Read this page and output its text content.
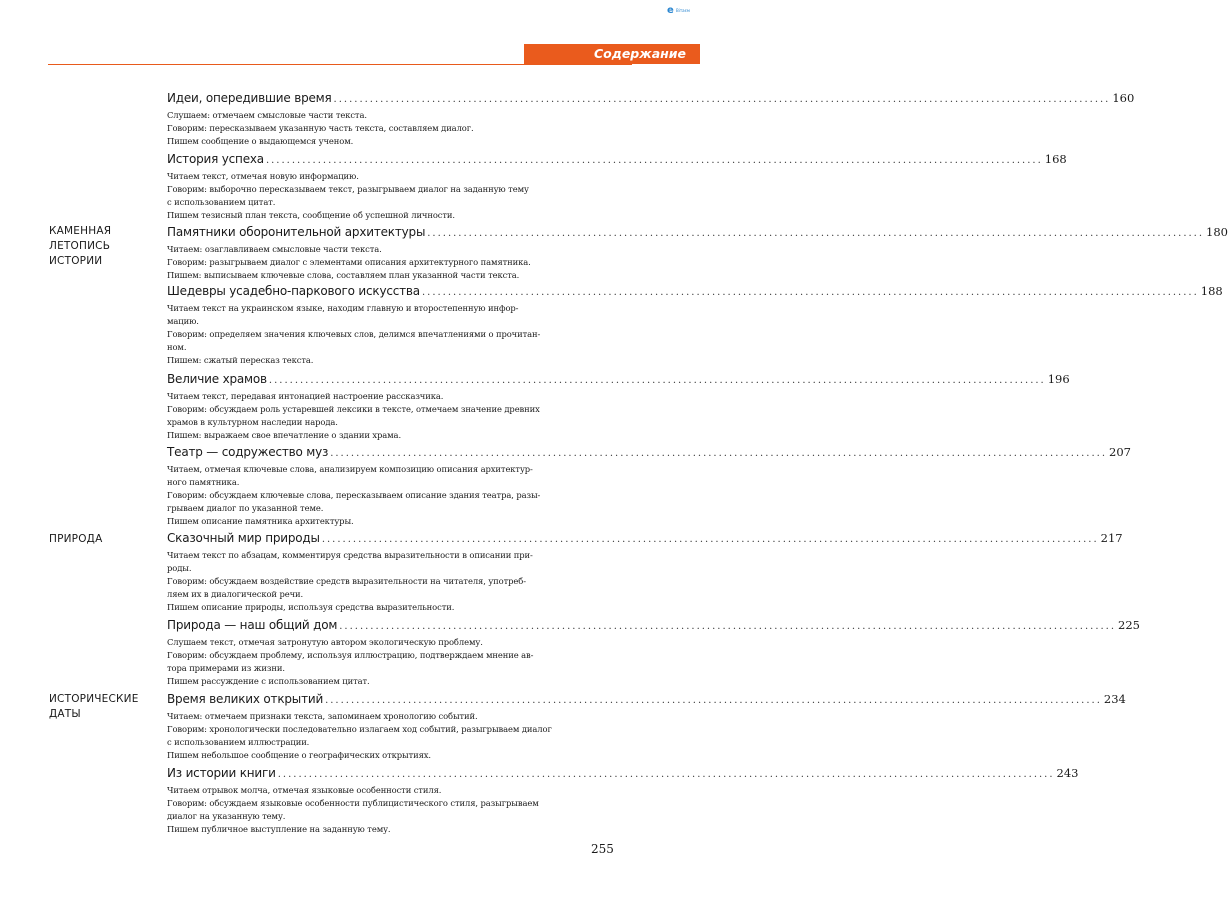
e Вітаєм
Содержание
КАМЕННАЯ
ЛЕТОПИСЬ
ИСТОРИИ
ПРИРОДА
ИСТОРИЧЕСКИЕ
ДАТЫ
Идеи, опередившие время ...................................................................................................................................................... 160
Слушаем: отмечаем смысловые части текста.
Говорим: пересказываем указанную часть текста, составляем диалог.
Пишем сообщение о выдающемся ученом.
История успеха ...................................................................................................................................................... 168
Читаем текст, отмечая новую информацию.
Говорим: выборочно пересказываем текст, разыгрываем диалог на заданную тему
с использованием цитат.
Пишем тезисный план текста, сообщение об успешной личности.
Памятники оборонительной архитектуры ...................................................................................................................................................... 180
Читаем: озаглавливаем смысловые части текста.
Говорим: разыгрываем диалог с элементами описания архитектурного памятника.
Пишем: выписываем ключевые слова, составляем план указанной части текста.
Шедевры усадебно-паркового искусства ...................................................................................................................................................... 188
Читаем текст на украинском языке, находим главную и второстепенную инфор-
мацию.
Говорим: определяем значения ключевых слов, делимся впечатлениями о прочитан-
ном.
Пишем: сжатый пересказ текста.
Величие храмов ...................................................................................................................................................... 196
Читаем текст, передавая интонацией настроение рассказчика.
Говорим: обсуждаем роль устаревшей лексики в тексте, отмечаем значение древних
храмов в культурном наследии народа.
Пишем: выражаем свое впечатление о здании храма.
Театр — содружество муз ...................................................................................................................................................... 207
Читаем, отмечая ключевые слова, анализируем композицию описания архитектур-
ного памятника.
Говорим: обсуждаем ключевые слова, пересказываем описание здания театра, разы-
грываем диалог по указанной теме.
Пишем описание памятника архитектуры.
Сказочный мир природы ...................................................................................................................................................... 217
Читаем текст по абзацам, комментируя средства выразительности в описании при-
роды.
Говорим: обсуждаем воздействие средств выразительности на читателя, употреб-
ляем их в диалогической речи.
Пишем описание природы, используя средства выразительности.
Природа — наш общий дом ...................................................................................................................................................... 225
Слушаем текст, отмечая затронутую автором экологическую проблему.
Говорим: обсуждаем проблему, используя иллюстрацию, подтверждаем мнение ав-
тора примерами из жизни.
Пишем рассуждение с использованием цитат.
Время великих открытий ...................................................................................................................................................... 234
Читаем: отмечаем признаки текста, запоминаем хронологию событий.
Говорим: хронологически последовательно излагаем ход событий, разыгрываем диалог
с использованием иллюстрации.
Пишем небольшое сообщение о географических открытиях.
Из истории книги ...................................................................................................................................................... 243
Читаем отрывок молча, отмечая языковые особенности стиля.
Говорим: обсуждаем языковые особенности публицистического стиля, разыгрываем
диалог на указанную тему.
Пишем публичное выступление на заданную тему.
255
